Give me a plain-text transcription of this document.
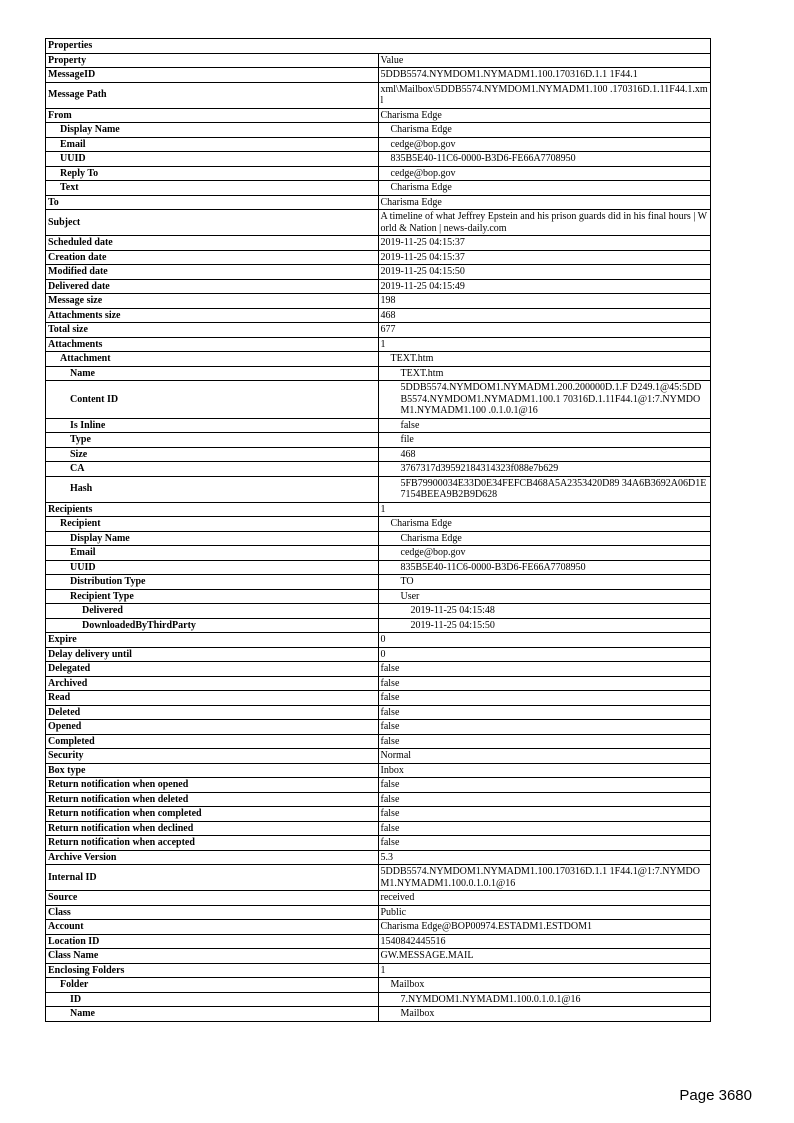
Properties	
Property	Value
MessageID	5DDB5574.NYMDOM1.NYMADM1.100.170316D.1.1 1F44.1
Message Path	xml\Mailbox\5DDB5574.NYMDOM1.NYMADM1.100 .170316D.1.11F44.1.xml
From	Charisma Edge
Display Name	Charisma Edge
Email	cedge@bop.gov
UUID	835B5E40-11C6-0000-B3D6-FE66A7708950
Reply To	cedge@bop.gov
Text	Charisma Edge
To	Charisma Edge
Subject	A timeline of what Jeffrey Epstein and his prison guards did in his final hours | World & Nation | news-daily.com
Scheduled date	2019-11-25 04:15:37
Creation date	2019-11-25 04:15:37
Modified date	2019-11-25 04:15:50
Delivered date	2019-11-25 04:15:49
Message size	198
Attachments size	468
Total size	677
Attachments	1
Attachment	TEXT.htm
Name	TEXT.htm
Content ID	5DDB5574.NYMDOM1.NYMADM1.200.200000D.1.F D249.1@45:5DDB5574.NYMDOM1.NYMADM1.100.1 70316D.1.11F44.1@1:7.NYMDOM1.NYMADM1.100 .0.1.0.1@16
Is Inline	false
Type	file
Size	468
CA	3767317d39592184314323f088e7b629
Hash	5FB79900034E33D0E34FEFCB468A5A2353420D89 34A6B3692A06D1E7154BEEA9B2B9D628
Recipients	1
Recipient	Charisma Edge
Display Name	Charisma Edge
Email	cedge@bop.gov
UUID	835B5E40-11C6-0000-B3D6-FE66A7708950
Distribution Type	TO
Recipient Type	User
Delivered	2019-11-25 04:15:48
DownloadedByThirdParty	2019-11-25 04:15:50
Expire	0
Delay delivery until	0
Delegated	false
Archived	false
Read	false
Deleted	false
Opened	false
Completed	false
Security	Normal
Box type	Inbox
Return notification when opened	false
Return notification when deleted	false
Return notification when completed	false
Return notification when declined	false
Return notification when accepted	false
Archive Version	5.3
Internal ID	5DDB5574.NYMDOM1.NYMADM1.100.170316D.1.1 1F44.1@1:7.NYMDOM1.NYMADM1.100.0.1.0.1@16
Source	received
Class	Public
Account	Charisma Edge@BOP00974.ESTADM1.ESTDOM1
Location ID	1540842445516
Class Name	GW.MESSAGE.MAIL
Enclosing Folders	1
Folder	Mailbox
ID	7.NYMDOM1.NYMADM1.100.0.1.0.1@16
Name	Mailbox
Page 3680
